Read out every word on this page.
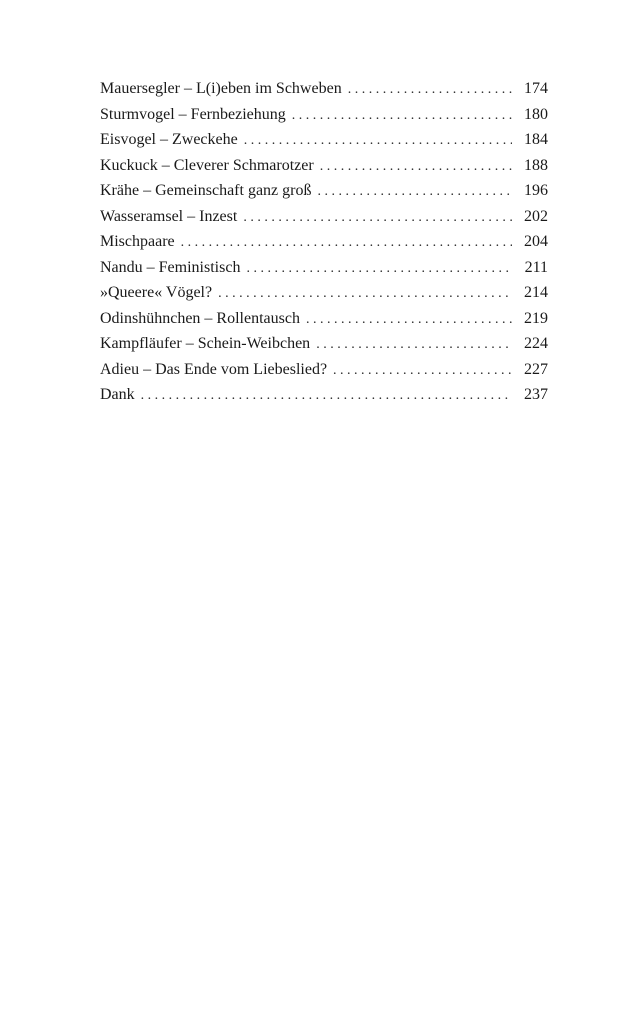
Mauersegler – L(i)eben im Schweben . . .	174
Sturmvogel – Fernbeziehung . . .	180
Eisvogel – Zweckehe . . .	184
Kuckuck – Cleverer Schmarotzer . . .	188
Krähe – Gemeinschaft ganz groß . . .	196
Wasseramsel – Inzest . . .	202
Mischpaare . . .	204
Nandu – Feministisch . . .	211
»Queere« Vögel? . . .	214
Odinshühnchen – Rollentausch . . .	219
Kampfläufer – Schein-Weibchen . . .	224
Adieu – Das Ende vom Liebeslied? . . .	227
Dank . . .	237
